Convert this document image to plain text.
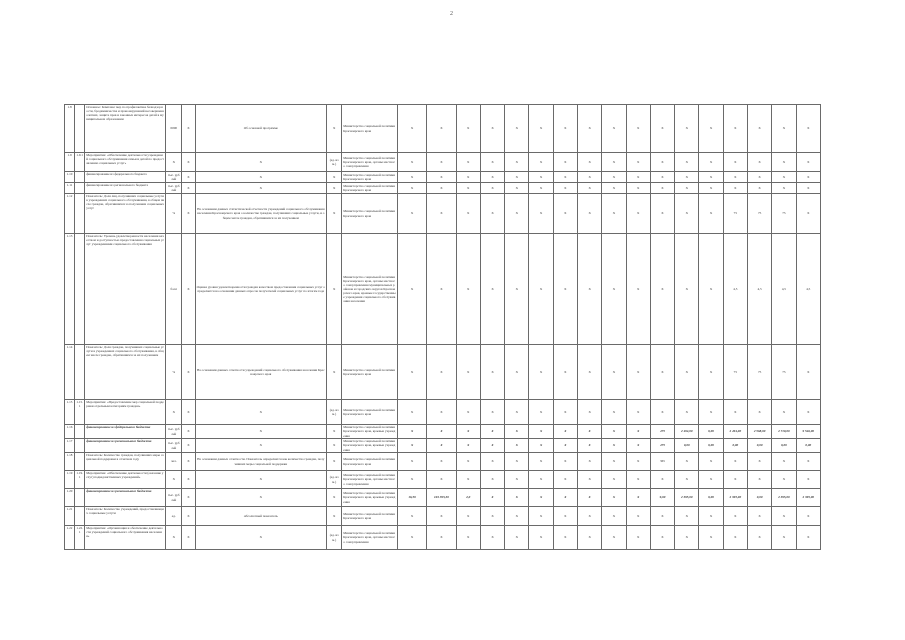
2
1.8		Основное: Комплекс мер по профилактике безнадзорности, бродяжничества и правонарушений несовершеннолетних, защите прав и законных интересов детей в муниципальном образовании	0000	Х	Об основной программе	Х	Министерство социальной политики Красноярского края	Х	Х	Х	Х	Х	Х	Х	Х	Х	Х	Х	Х	Х	Х	Х	Х	Х
1.9	1.9.1	Мероприятие: «Обеспечение деятельности учреждений социального обслуживания семьи и детей по предоставлению социальных услуг»	Х	Х	Х	(ед. изм.)	Министерство социальной политики Красноярского края, органы местного самоуправления	Х	Х	Х	Х	Х	Х	Х	Х	Х	Х	Х	Х	Х	Х	Х	Х	Х
1.10		финансирование из федерального бюджета	тыс. рублей	Х	Х	Х	Министерство социальной политики Красноярского края	Х	Х	Х	Х	Х	Х	Х	Х	Х	Х	Х	Х	Х	Х	Х	Х	Х
1.11		финансирование из регионального бюджета	тыс. рублей	Х	Х	Х	Министерство социальной политики Красноярского края	Х	Х	Х	Х	Х	Х	Х	Х	Х	Х	Х	Х	Х	Х	Х	Х	Х
1.12		Показатель: Доля лиц, получивших социальные услуги в учреждениях социального обслуживания, в общем числе граждан, обратившихся за получением социальных услуг	%	Х	На основании данных статистической отчетности учреждений социального обслуживания населения Красноярского края о количестве граждан, получивших социальные услуги, и общем числе граждан, обратившихся за их получением	Х	Министерство социальной политики Красноярского края	Х	Х	Х	Х	Х	Х	Х	Х	Х	Х	Х	Х	Х	75	75	75	Х
1.13		Показатель: Уровень удовлетворенности населения качеством и доступностью предоставления социальных услуг учреждениями социального обслуживания	балл	Х	Оценка уровня удовлетворенности граждан качеством предоставления социальных услуг определяется на основании данных опросов получателей социальных услуг по итогам года	Х	Министерство социальной политики Красноярского края, органы местного самоуправления муниципальных районов и городских округов Красноярского края, краевые государственные учреждения социального обслуживания населения	Х	Х	Х	Х	Х	Х	Х	Х	Х	Х	Х	Х	Х	4,5	4,5	4,5	4,5
1.14		Показатель: Доля граждан, получивших социальные услуги в учреждениях социального обслуживания, в общем числе граждан, обратившихся за их получением	%	Х	На основании данных отчетности учреждений социального обслуживания населения Красноярского края	Х	Министерство социальной политики Красноярского края	Х	Х	Х	Х	Х	Х	Х	Х	Х	Х	Х	Х	Х	75	75	75	Х
1.15	1.15.1	Мероприятие: «Предоставление мер социальной поддержки отдельным категориям граждан»	Х	Х	Х	(ед. изм.)	Министерство социальной политики Красноярского края	Х	Х	Х	Х	Х	Х	Х	Х	Х	Х	Х	Х	Х	Х	Х	Х	Х
1.16		финансирование из федерального бюджета	тыс. рублей	Х	Х	Х	Министерство социальной политики Красноярского края, краевые учреждения	Х	Х	Х	Х	Х	Х	Х	Х	Х	Х	475	2 494,00	0,00	2 494,00	2 568,00	2 710,00	9 546,00
1.17		финансирование из регионального бюджета	тыс. рублей	Х	Х	Х	Министерство социальной политики Красноярского края, краевые учреждения	Х	Х	Х	Х	Х	Х	Х	Х	Х	Х	475	0,00	0,00	0,00	0,00	0,00	0,00
1.18		Показатель: Количество граждан, получивших меры социальной поддержки в отчетном году	чел.	Х	На основании данных отчетности. Показатель определяется как количество граждан, получивших меры социальной поддержки	Х	Министерство социальной политики Красноярского края	Х	Х	Х	Х	Х	Х	Х	Х	Х	Х	365	Х	Х	Х	Х	Х	Х
1.19	1.19.1	Мероприятие: «Обеспечение деятельности (оказание услуг) подведомственных учреждений»	Х	Х	Х	(ед. изм.)	Министерство социальной политики Красноярского края, органы местного самоуправления	Х	Х	Х	Х	Х	Х	Х	Х	Х	Х	Х	Х	Х	Х	Х	Х	Х
1.20		финансирование из регионального бюджета	тыс. рублей	Х	Х	Х	Министерство социальной политики Красноярского края, краевые учреждения	16,50	163 395,30	2,0	Х	Х	Х	Х	Х	Х	Х	9,00	2 395,00	0,00	2 395,00	0,00	2 395,00	2 395,00
1.21		Показатель: Количество учреждений, предоставляющих социальные услуги	ед.	Х	Абсолютный показатель	Х	Министерство социальной политики Красноярского края	Х	Х	Х	Х	Х	Х	Х	Х	Х	Х	Х	Х	Х	Х	Х	Х	Х
1.22	1.22.1	Мероприятие: «Организация и обеспечение деятельности учреждений социального обслуживания населения»	Х	Х	Х	(ед. изм.)	Министерство социальной политики Красноярского края, органы местного самоуправления	Х	Х	Х	Х	Х	Х	Х	Х	Х	Х	Х	Х	Х	Х	Х	Х	Х
